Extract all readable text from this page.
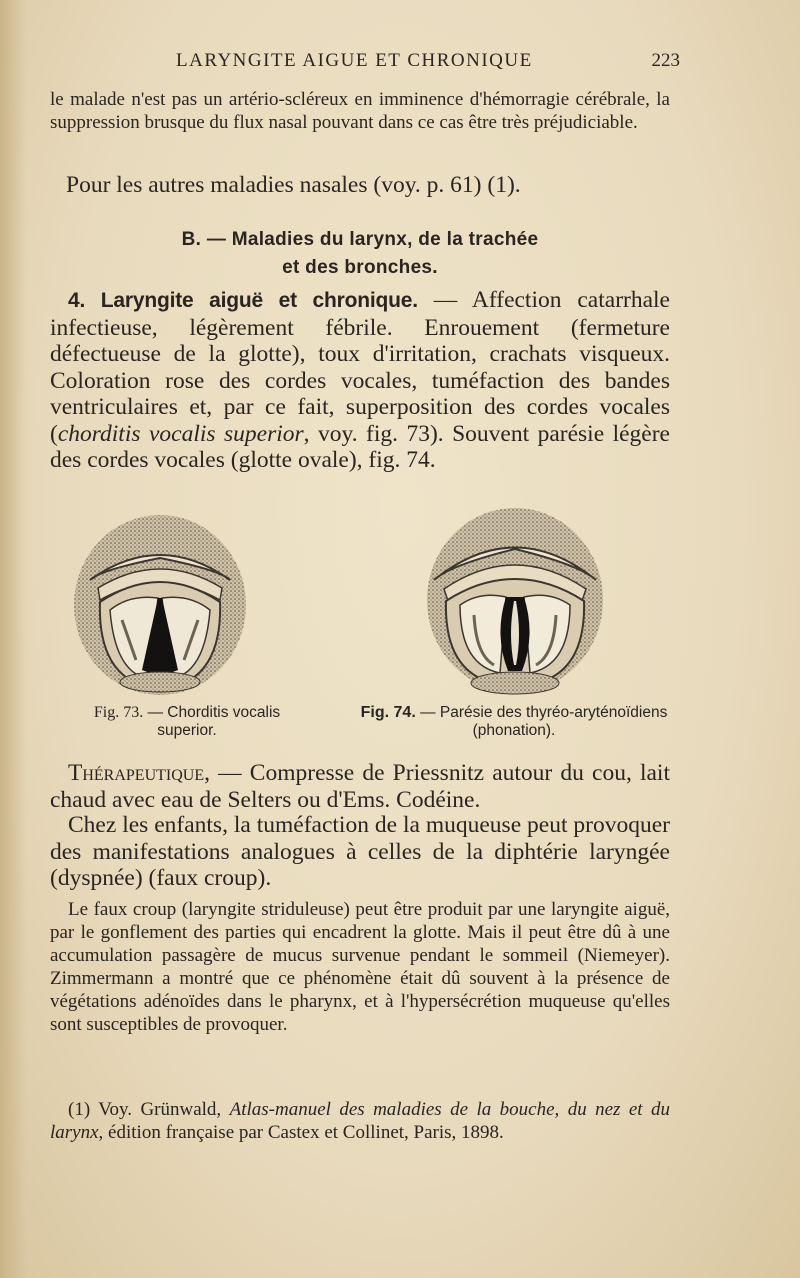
LARYNGITE AIGUE ET CHRONIQUE	223
le malade n'est pas un artério-scléreux en imminence d'hémorragie cérébrale, la suppression brusque du flux nasal pouvant dans ce cas être très préjudiciable.
Pour les autres maladies nasales (voy. p. 61) (1).
B. — Maladies du larynx, de la trachée
et des bronches.
4. Laryngite aiguë et chronique. — Affection catarrhale infectieuse, légèrement fébrile. Enrouement (fermeture défectueuse de la glotte), toux d'irritation, crachats visqueux. Coloration rose des cordes vocales, tuméfaction des bandes ventriculaires et, par ce fait, superposition des cordes vocales (chorditis vocalis superior, voy. fig. 73). Souvent parésie légère des cordes vocales (glotte ovale), fig. 74.
Fig. 73. — Chorditis vocalis superior.
Fig. 74. — Parésie des thyréo-aryténoïdiens (phonation).
Thérapeutique, — Compresse de Priessnitz autour du cou, lait chaud avec eau de Selters ou d'Ems. Codéine.
Chez les enfants, la tuméfaction de la muqueuse peut provoquer des manifestations analogues à celles de la diphtérie laryngée (dyspnée) (faux croup).
Le faux croup (laryngite striduleuse) peut être produit par une laryngite aiguë, par le gonflement des parties qui encadrent la glotte. Mais il peut être dû à une accumulation passagère de mucus survenue pendant le sommeil (Niemeyer). Zimmermann a montré que ce phénomène était dû souvent à la présence de végétations adénoïdes dans le pharynx, et à l'hypersécrétion muqueuse qu'elles sont susceptibles de provoquer.
(1) Voy. Grünwald, Atlas-manuel des maladies de la bouche, du nez et du larynx, édition française par Castex et Collinet, Paris, 1898.
